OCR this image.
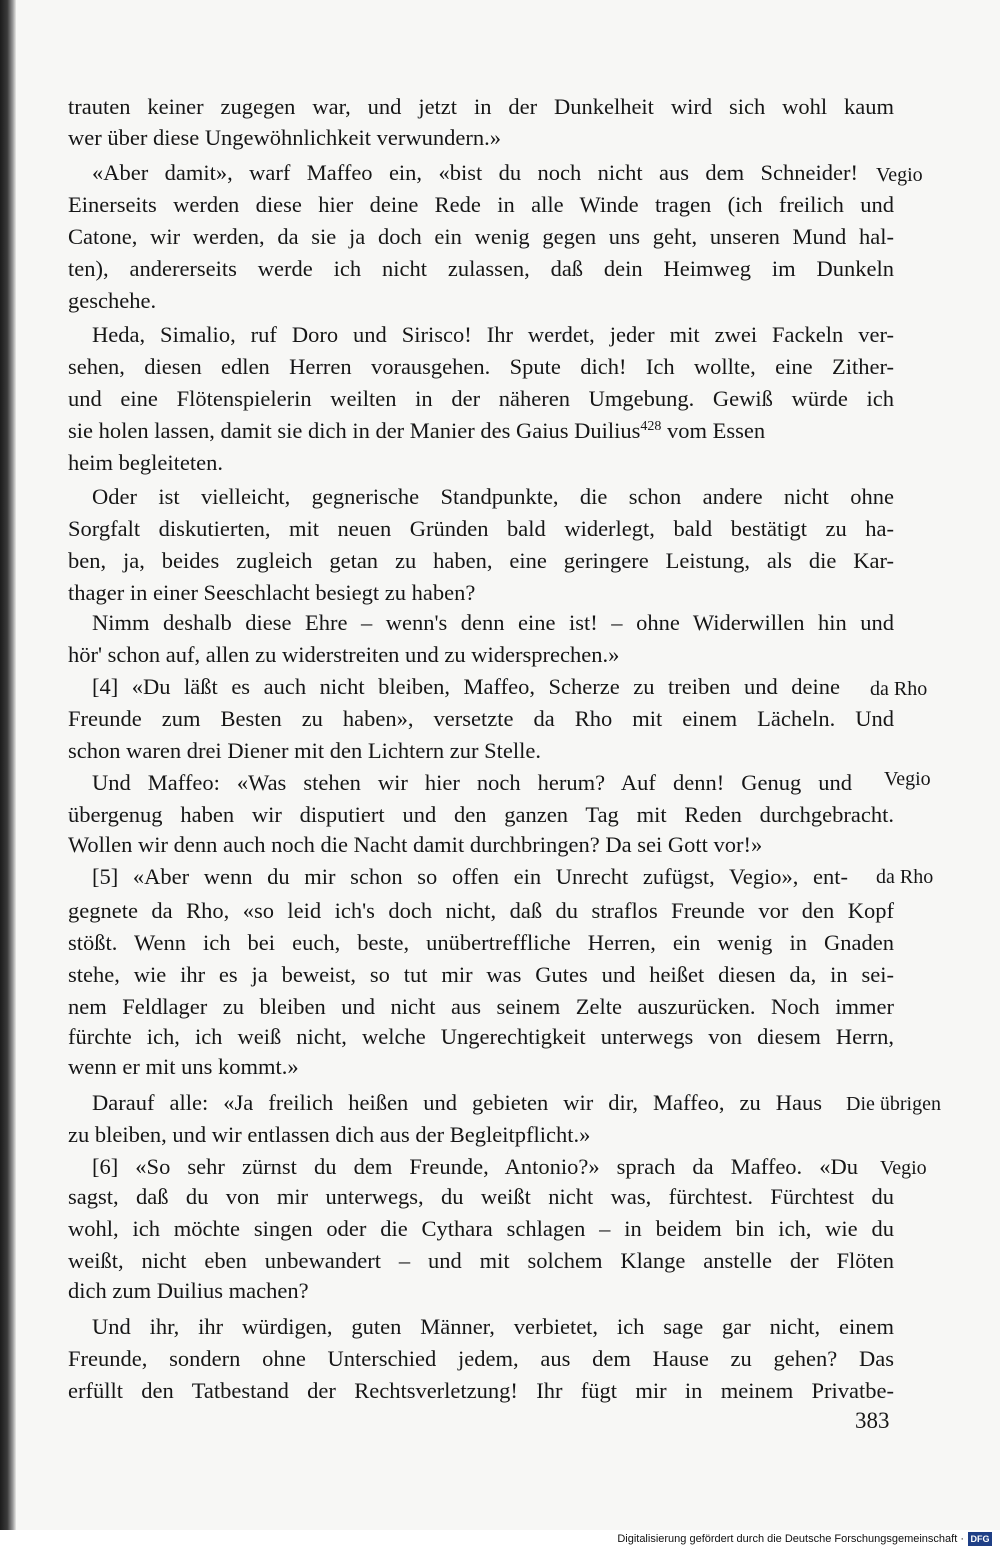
trauten keiner zugegen war, und jetzt in der Dunkelheit wird sich wohl kaum
wer über diese Ungewöhnlichkeit verwundern.»
«Aber damit», warf Maffeo ein, «bist du noch nicht aus dem Schneider!
Einerseits werden diese hier deine Rede in alle Winde tragen (ich freilich und
Catone, wir werden, da sie ja doch ein wenig gegen uns geht, unseren Mund hal-
ten), andererseits werde ich nicht zulassen, daß dein Heimweg im Dunkeln
geschehe.
Heda, Simalio, ruf Doro und Sirisco! Ihr werdet, jeder mit zwei Fackeln ver-
sehen, diesen edlen Herren vorausgehen. Spute dich! Ich wollte, eine Zither-
und eine Flötenspielerin weilten in der näheren Umgebung. Gewiß würde ich
sie holen lassen, damit sie dich in der Manier des Gaius Duilius$^{428}$ vom Essen
heim begleiteten.
Oder ist vielleicht, gegnerische Standpunkte, die schon andere nicht ohne
Sorgfalt diskutierten, mit neuen Gründen bald widerlegt, bald bestätigt zu ha-
ben, ja, beides zugleich getan zu haben, eine geringere Leistung, als die Kar-
thager in einer Seeschlacht besiegt zu haben?
Nimm deshalb diese Ehre – wenn's denn eine ist! – ohne Widerwillen hin und
hör' schon auf, allen zu widerstreiten und zu widersprechen.»
[4] «Du läßt es auch nicht bleiben, Maffeo, Scherze zu treiben und deine
Freunde zum Besten zu haben», versetzte da Rho mit einem Lächeln. Und
schon waren drei Diener mit den Lichtern zur Stelle.
Und Maffeo: «Was stehen wir hier noch herum? Auf denn! Genug und
übergenug haben wir disputiert und den ganzen Tag mit Reden durchgebracht.
Wollen wir denn auch noch die Nacht damit durchbringen? Da sei Gott vor!»
[5] «Aber wenn du mir schon so offen ein Unrecht zufügst, Vegio», ent-
gegnete da Rho, «so leid ich's doch nicht, daß du straflos Freunde vor den Kopf
stößt. Wenn ich bei euch, beste, unübertreffliche Herren, ein wenig in Gnaden
stehe, wie ihr es ja beweist, so tut mir was Gutes und heißet diesen da, in sei-
nem Feldlager zu bleiben und nicht aus seinem Zelte auszurücken. Noch immer
fürchte ich, ich weiß nicht, welche Ungerechtigkeit unterwegs von diesem Herrn,
wenn er mit uns kommt.»
Darauf alle: «Ja freilich heißen und gebieten wir dir, Maffeo, zu Haus
zu bleiben, und wir entlassen dich aus der Begleitpflicht.»
[6] «So sehr zürnst du dem Freunde, Antonio?» sprach da Maffeo. «Du
sagst, daß du von mir unterwegs, du weißt nicht was, fürchtest. Fürchtest du
wohl, ich möchte singen oder die Cythara schlagen – in beidem bin ich, wie du
weißt, nicht eben unbewandert – und mit solchem Klange anstelle der Flöten
dich zum Duilius machen?
Und ihr, ihr würdigen, guten Männer, verbietet, ich sage gar nicht, einem
Freunde, sondern ohne Unterschied jedem, aus dem Hause zu gehen? Das
erfüllt den Tatbestand der Rechtsverletzung! Ihr fügt mir in meinem Privatbe-
Vegio
da Rho
Vegio
da Rho
Die übrigen
Vegio
383
Digitalisierung gefördert durch die Deutsche Forschungsgemeinschaft · DFG
